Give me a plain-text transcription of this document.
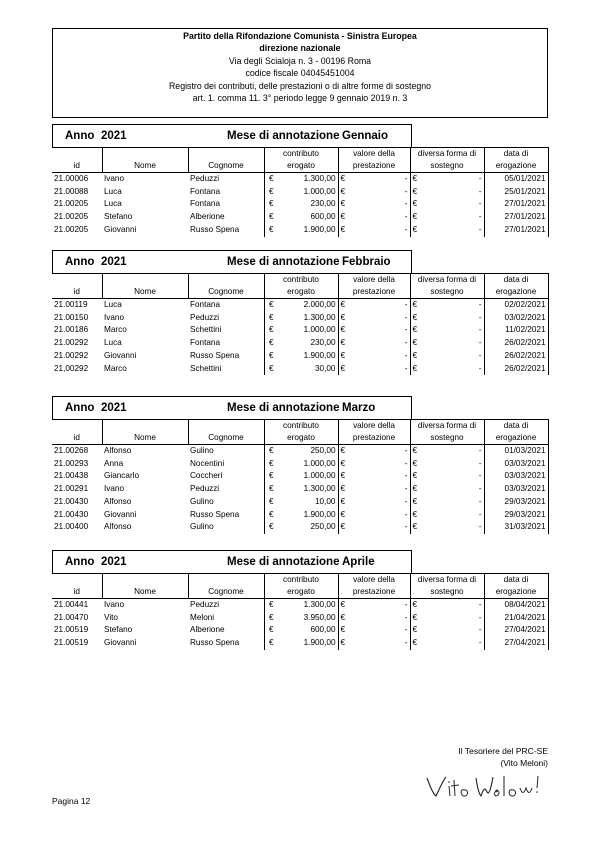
Partito della Rifondazione Comunista - Sinistra Europea
direzione nazionale
Via degli Scialoja n. 3 - 00196 Roma
codice fiscale 04045451004
Registro dei contributi, delle prestazioni o di altre forme di sostegno
art. 1. comma 11. 3° periodo legge 9 gennaio 2019 n. 3
Anno 2021	Mese di annotazione Gennaio
			contributo		valore della		diversa forma di		data di
id	Nome	Cognome	erogato		prestazione		sostegno		erogazione
21.00006	Ivano	Peduzzi	€	1.300,00	€	-	€	-	05/01/2021
21.00088	Luca	Fontana	€	1.000,00	€	-	€	-	25/01/2021
21.00205	Luca	Fontana	€	230,00	€	-	€	-	27/01/2021
21.00205	Stefano	Alberione	€	600,00	€	-	€	-	27/01/2021
21.00205	Giovanni	Russo Spena	€	1.900,00	€	-	€	-	27/01/2021
Anno 2021	Mese di annotazione Febbraio
			contributo		valore della		diversa forma di		data di
id	Nome	Cognome	erogato		prestazione		sostegno		erogazione
21.00119	Luca	Fontana	€	2.000,00	€	-	€	-	02/02/2021
21.00150	Ivano	Peduzzi	€	1.300,00	€	-	€	-	03/02/2021
21.00186	Marco	Schettini	€	1.000,00	€	-	€	-	11/02/2021
21.00292	Luca	Fontana	€	230,00	€	-	€	-	26/02/2021
21.00292	Giovanni	Russo Spena	€	1.900,00	€	-	€	-	26/02/2021
21,00292	Marco	Schettini	€	30,00	€	-	€	-	26/02/2021
Anno 2021	Mese di annotazione Marzo
			contributo		valore della		diversa forma di		data di
id	Nome	Cognome	erogato		prestazione		sostegno		erogazione
21.00268	Alfonso	Gulino	€	250,00	€	-	€	-	01/03/2021
21.00293	Anna	Nocentini	€	1.000,00	€	-	€	-	03/03/2021
21.00438	Giancarlo	Coccheri	€	1.000,00	€	-	€	-	03/03/2021
21.00291	Ivano	Peduzzi	€	1.300,00	€	-	€	-	03/03/2021
21.00430	Alfonso	Gulino	€	10,00	€	-	€	-	29/03/2021
21.00430	Giovanni	Russo Spena	€	1.900,00	€	-	€	-	29/03/2021
21.00400	Alfonso	Gulino	€	250,00	€	-	€	-	31/03/2021
Anno 2021	Mese di annotazione Aprile
			contributo		valore della		diversa forma di		data di
id	Nome	Cognome	erogato		prestazione		sostegno		erogazione
21.00441	Ivano	Peduzzi	€	1.300,00	€	-	€	-	08/04/2021
21.00470	Vito	Meloni	€	3.950,00	€	-	€	-	21/04/2021
21.00519	Stefano	Alberione	€	600,00	€	-	€	-	27/04/2021
21.00519	Giovanni	Russo Spena	€	1.900,00	€	-	€	-	27/04/2021
Il Tesoriere del PRC-SE
(Vito Meloni)
Pagina 12
